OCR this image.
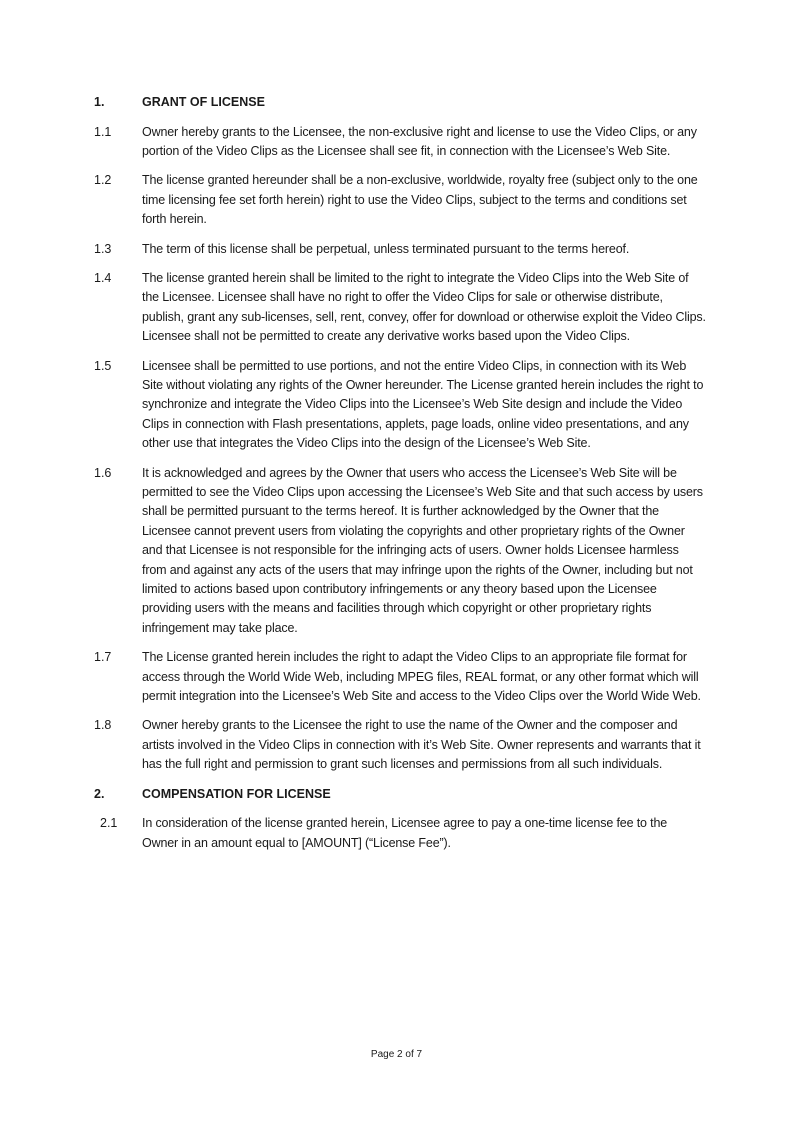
1.	GRANT OF LICENSE
1.1	Owner hereby grants to the Licensee, the non-exclusive right and license to use the Video Clips, or any portion of the Video Clips as the Licensee shall see fit, in connection with the Licensee’s Web Site.
1.2	The license granted hereunder shall be a non-exclusive, worldwide, royalty free (subject only to the one time licensing fee set forth herein) right to use the Video Clips, subject to the terms and conditions set forth herein.
1.3	The term of this license shall be perpetual, unless terminated pursuant to the terms hereof.
1.4	The license granted herein shall be limited to the right to integrate the Video Clips into the Web Site of the Licensee. Licensee shall have no right to offer the Video Clips for sale or otherwise distribute, publish, grant any sub-licenses, sell, rent, convey, offer for download or otherwise exploit the Video Clips. Licensee shall not be permitted to create any derivative works based upon the Video Clips.
1.5	Licensee shall be permitted to use portions, and not the entire Video Clips, in connection with its Web Site without violating any rights of the Owner hereunder. The License granted herein includes the right to synchronize and integrate the Video Clips into the Licensee’s Web Site design and include the Video Clips in connection with Flash presentations, applets, page loads, online video presentations, and any other use that integrates the Video Clips into the design of the Licensee’s Web Site.
1.6	It is acknowledged and agrees by the Owner that users who access the Licensee’s Web Site will be permitted to see the Video Clips upon accessing the Licensee’s Web Site and that such access by users shall be permitted pursuant to the terms hereof. It is further acknowledged by the Owner that the Licensee cannot prevent users from violating the copyrights and other proprietary rights of the Owner and that Licensee is not responsible for the infringing acts of users. Owner holds Licensee harmless from and against any acts of the users that may infringe upon the rights of the Owner, including but not limited to actions based upon contributory infringements or any theory based upon the Licensee providing users with the means and facilities through which copyright or other proprietary rights infringement may take place.
1.7	The License granted herein includes the right to adapt the Video Clips to an appropriate file format for access through the World Wide Web, including MPEG files, REAL format, or any other format which will permit integration into the Licensee’s Web Site and access to the Video Clips over the World Wide Web.
1.8	Owner hereby grants to the Licensee the right to use the name of the Owner and the composer and artists involved in the Video Clips in connection with it’s Web Site. Owner represents and warrants that it has the full right and permission to grant such licenses and permissions from all such individuals.
2.	COMPENSATION FOR LICENSE
2.1	In consideration of the license granted herein, Licensee agree to pay a one-time license fee to the Owner in an amount equal to [AMOUNT] (“License Fee”).
Page 2 of 7
